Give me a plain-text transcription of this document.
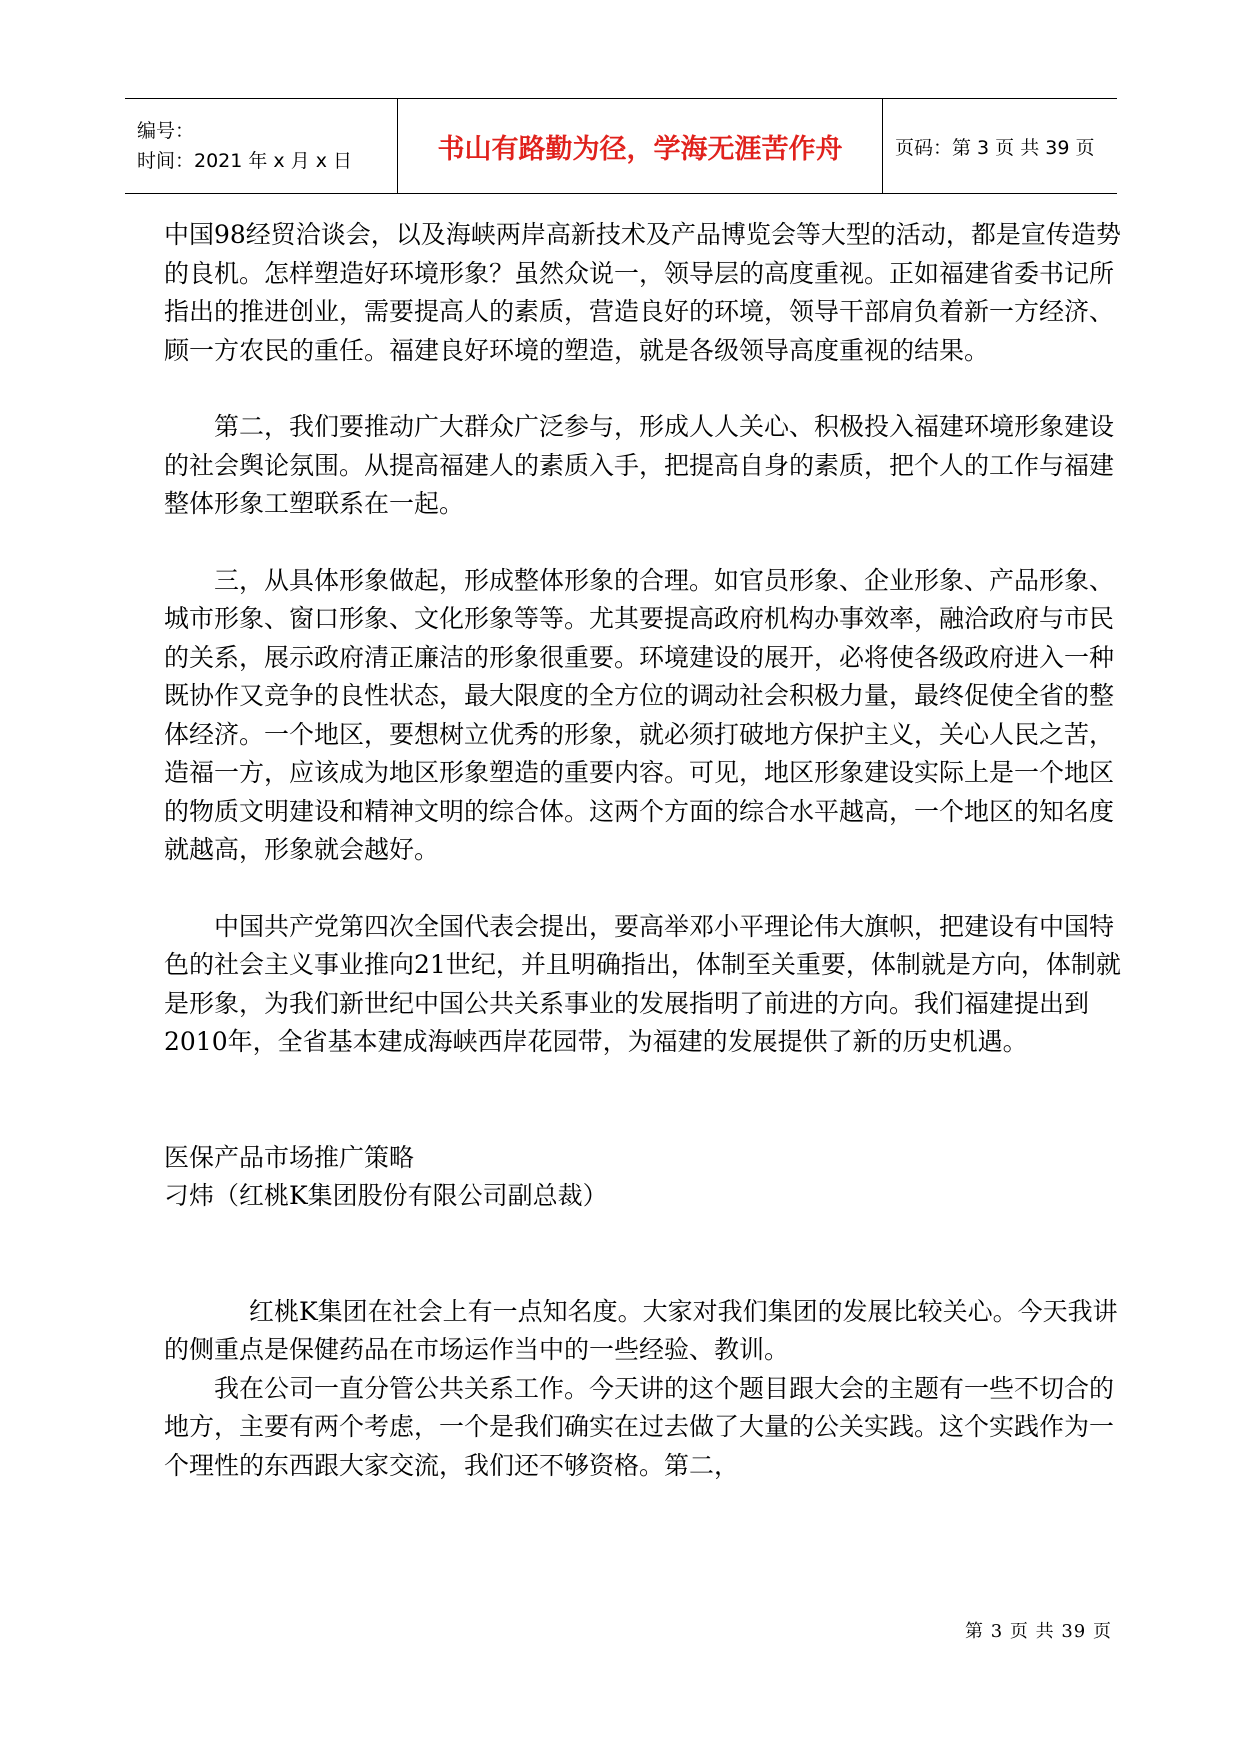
编号：
时间：2021 年 x 月 x 日	书山有路勤为径，学海无涯苦作舟	页码：第 3 页 共 39 页

中国98经贸洽谈会，以及海峡两岸高新技术及产品博览会等大型的活动，都是宣传造势的良机。怎样塑造好环境形象？虽然众说一，领导层的高度重视。正如福建省委书记所指出的推进创业，需要提高人的素质，营造良好的环境，领导干部肩负着新一方经济、顾一方农民的重任。福建良好环境的塑造，就是各级领导高度重视的结果。

第二，我们要推动广大群众广泛参与，形成人人关心、积极投入福建环境形象建设的社会舆论氛围。从提高福建人的素质入手，把提高自身的素质，把个人的工作与福建整体形象工塑联系在一起。

三，从具体形象做起，形成整体形象的合理。如官员形象、企业形象、产品形象、城市形象、窗口形象、文化形象等等。尤其要提高政府机构办事效率，融洽政府与市民的关系，展示政府清正廉洁的形象很重要。环境建设的展开，必将使各级政府进入一种既协作又竞争的良性状态，最大限度的全方位的调动社会积极力量，最终促使全省的整体经济。一个地区，要想树立优秀的形象，就必须打破地方保护主义，关心人民之苦，造福一方，应该成为地区形象塑造的重要内容。可见，地区形象建设实际上是一个地区的物质文明建设和精神文明的综合体。这两个方面的综合水平越高，一个地区的知名度就越高，形象就会越好。

中国共产党第四次全国代表会提出，要高举邓小平理论伟大旗帜，把建设有中国特色的社会主义事业推向21世纪，并且明确指出，体制至关重要，体制就是方向，体制就是形象，为我们新世纪中国公共关系事业的发展指明了前进的方向。我们福建提出到2010年，全省基本建成海峡西岸花园带，为福建的发展提供了新的历史机遇。

医保产品市场推广策略

刁炜（红桃K集团股份有限公司副总裁）

红桃K集团在社会上有一点知名度。大家对我们集团的发展比较关心。今天我讲的侧重点是保健药品在市场运作当中的一些经验、教训。

我在公司一直分管公共关系工作。今天讲的这个题目跟大会的主题有一些不切合的地方，主要有两个考虑，一个是我们确实在过去做了大量的公关实践。这个实践作为一个理性的东西跟大家交流，我们还不够资格。第二，

第 3 页 共 39 页
